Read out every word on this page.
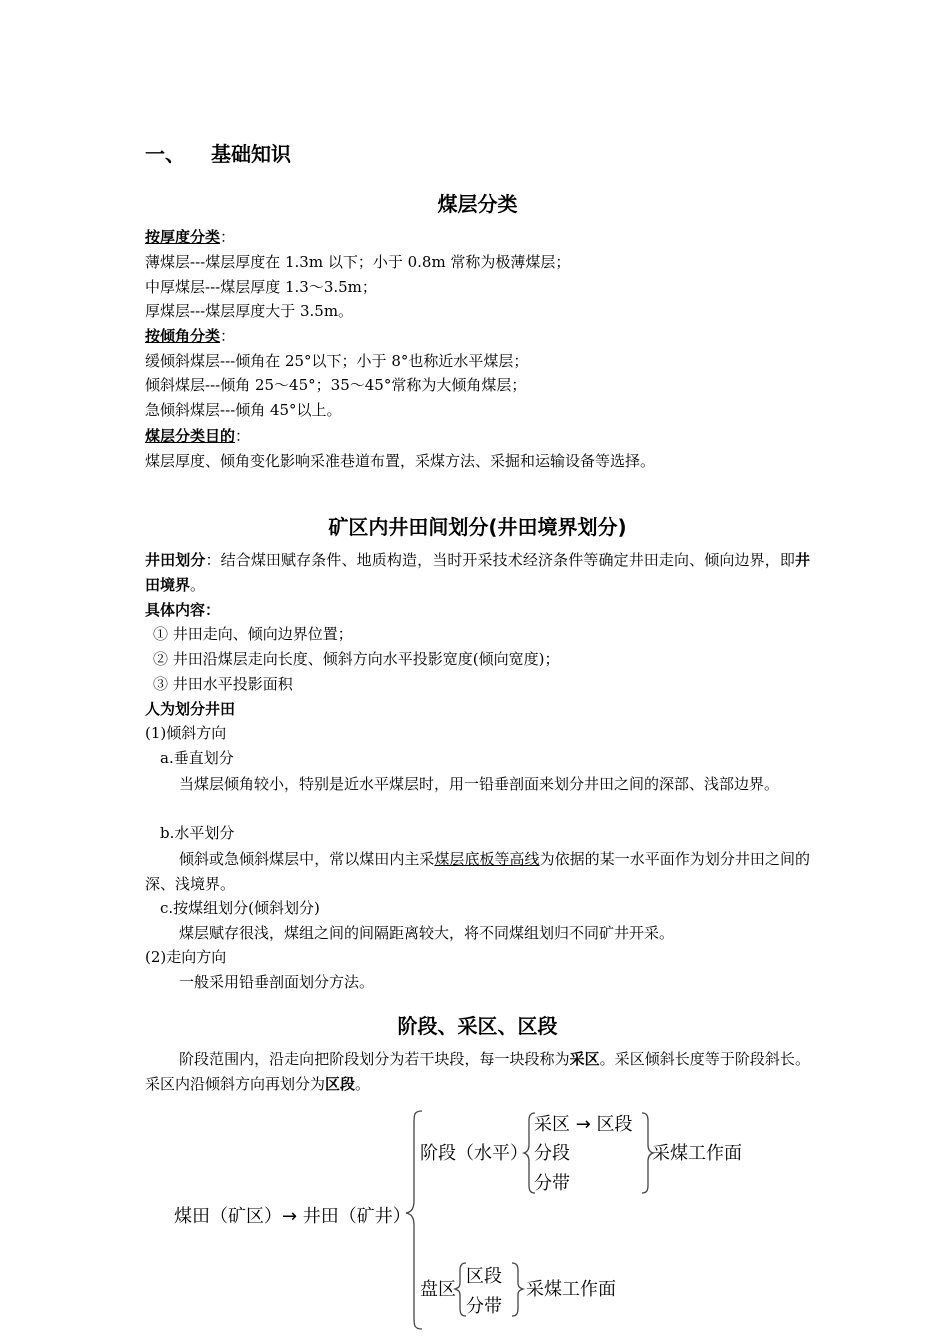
一、 基础知识
煤层分类
按厚度分类：
薄煤层---煤层厚度在 1.3m 以下；小于 0.8m 常称为极薄煤层；
中厚煤层---煤层厚度 1.3～3.5m；
厚煤层---煤层厚度大于 3.5m。
按倾角分类：
缓倾斜煤层---倾角在 25°以下；小于 8°也称近水平煤层；
倾斜煤层---倾角 25～45°；35～45°常称为大倾角煤层；
急倾斜煤层---倾角 45°以上。
煤层分类目的：
煤层厚度、倾角变化影响采准巷道布置，采煤方法、采掘和运输设备等选择。
矿区内井田间划分(井田境界划分)
井田划分：结合煤田赋存条件、地质构造，当时开采技术经济条件等确定井田走向、倾向边界，即井田境界。
具体内容：
① 井田走向、倾向边界位置；
② 井田沿煤层走向长度、倾斜方向水平投影宽度(倾向宽度)；
③ 井田水平投影面积
人为划分井田
(1)倾斜方向
a.垂直划分
当煤层倾角较小，特别是近水平煤层时，用一铅垂剖面来划分井田之间的深部、浅部边界。
b.水平划分
倾斜或急倾斜煤层中，常以煤田内主采煤层底板等高线为依据的某一水平面作为划分井田之间的深、浅境界。
c.按煤组划分(倾斜划分)
煤层赋存很浅，煤组之间的间隔距离较大，将不同煤组划归不同矿井开采。
(2)走向方向
一般采用铅垂剖面划分方法。
阶段、采区、区段
阶段范围内，沿走向把阶段划分为若干块段，每一块段称为采区。采区倾斜长度等于阶段斜长。采区内沿倾斜方向再划分为区段。
煤田（矿区）→ 井田（矿井）
阶段（水平）
采区 → 区段
分段
分带
采煤工作面
盘区
区段
分带
采煤工作面
